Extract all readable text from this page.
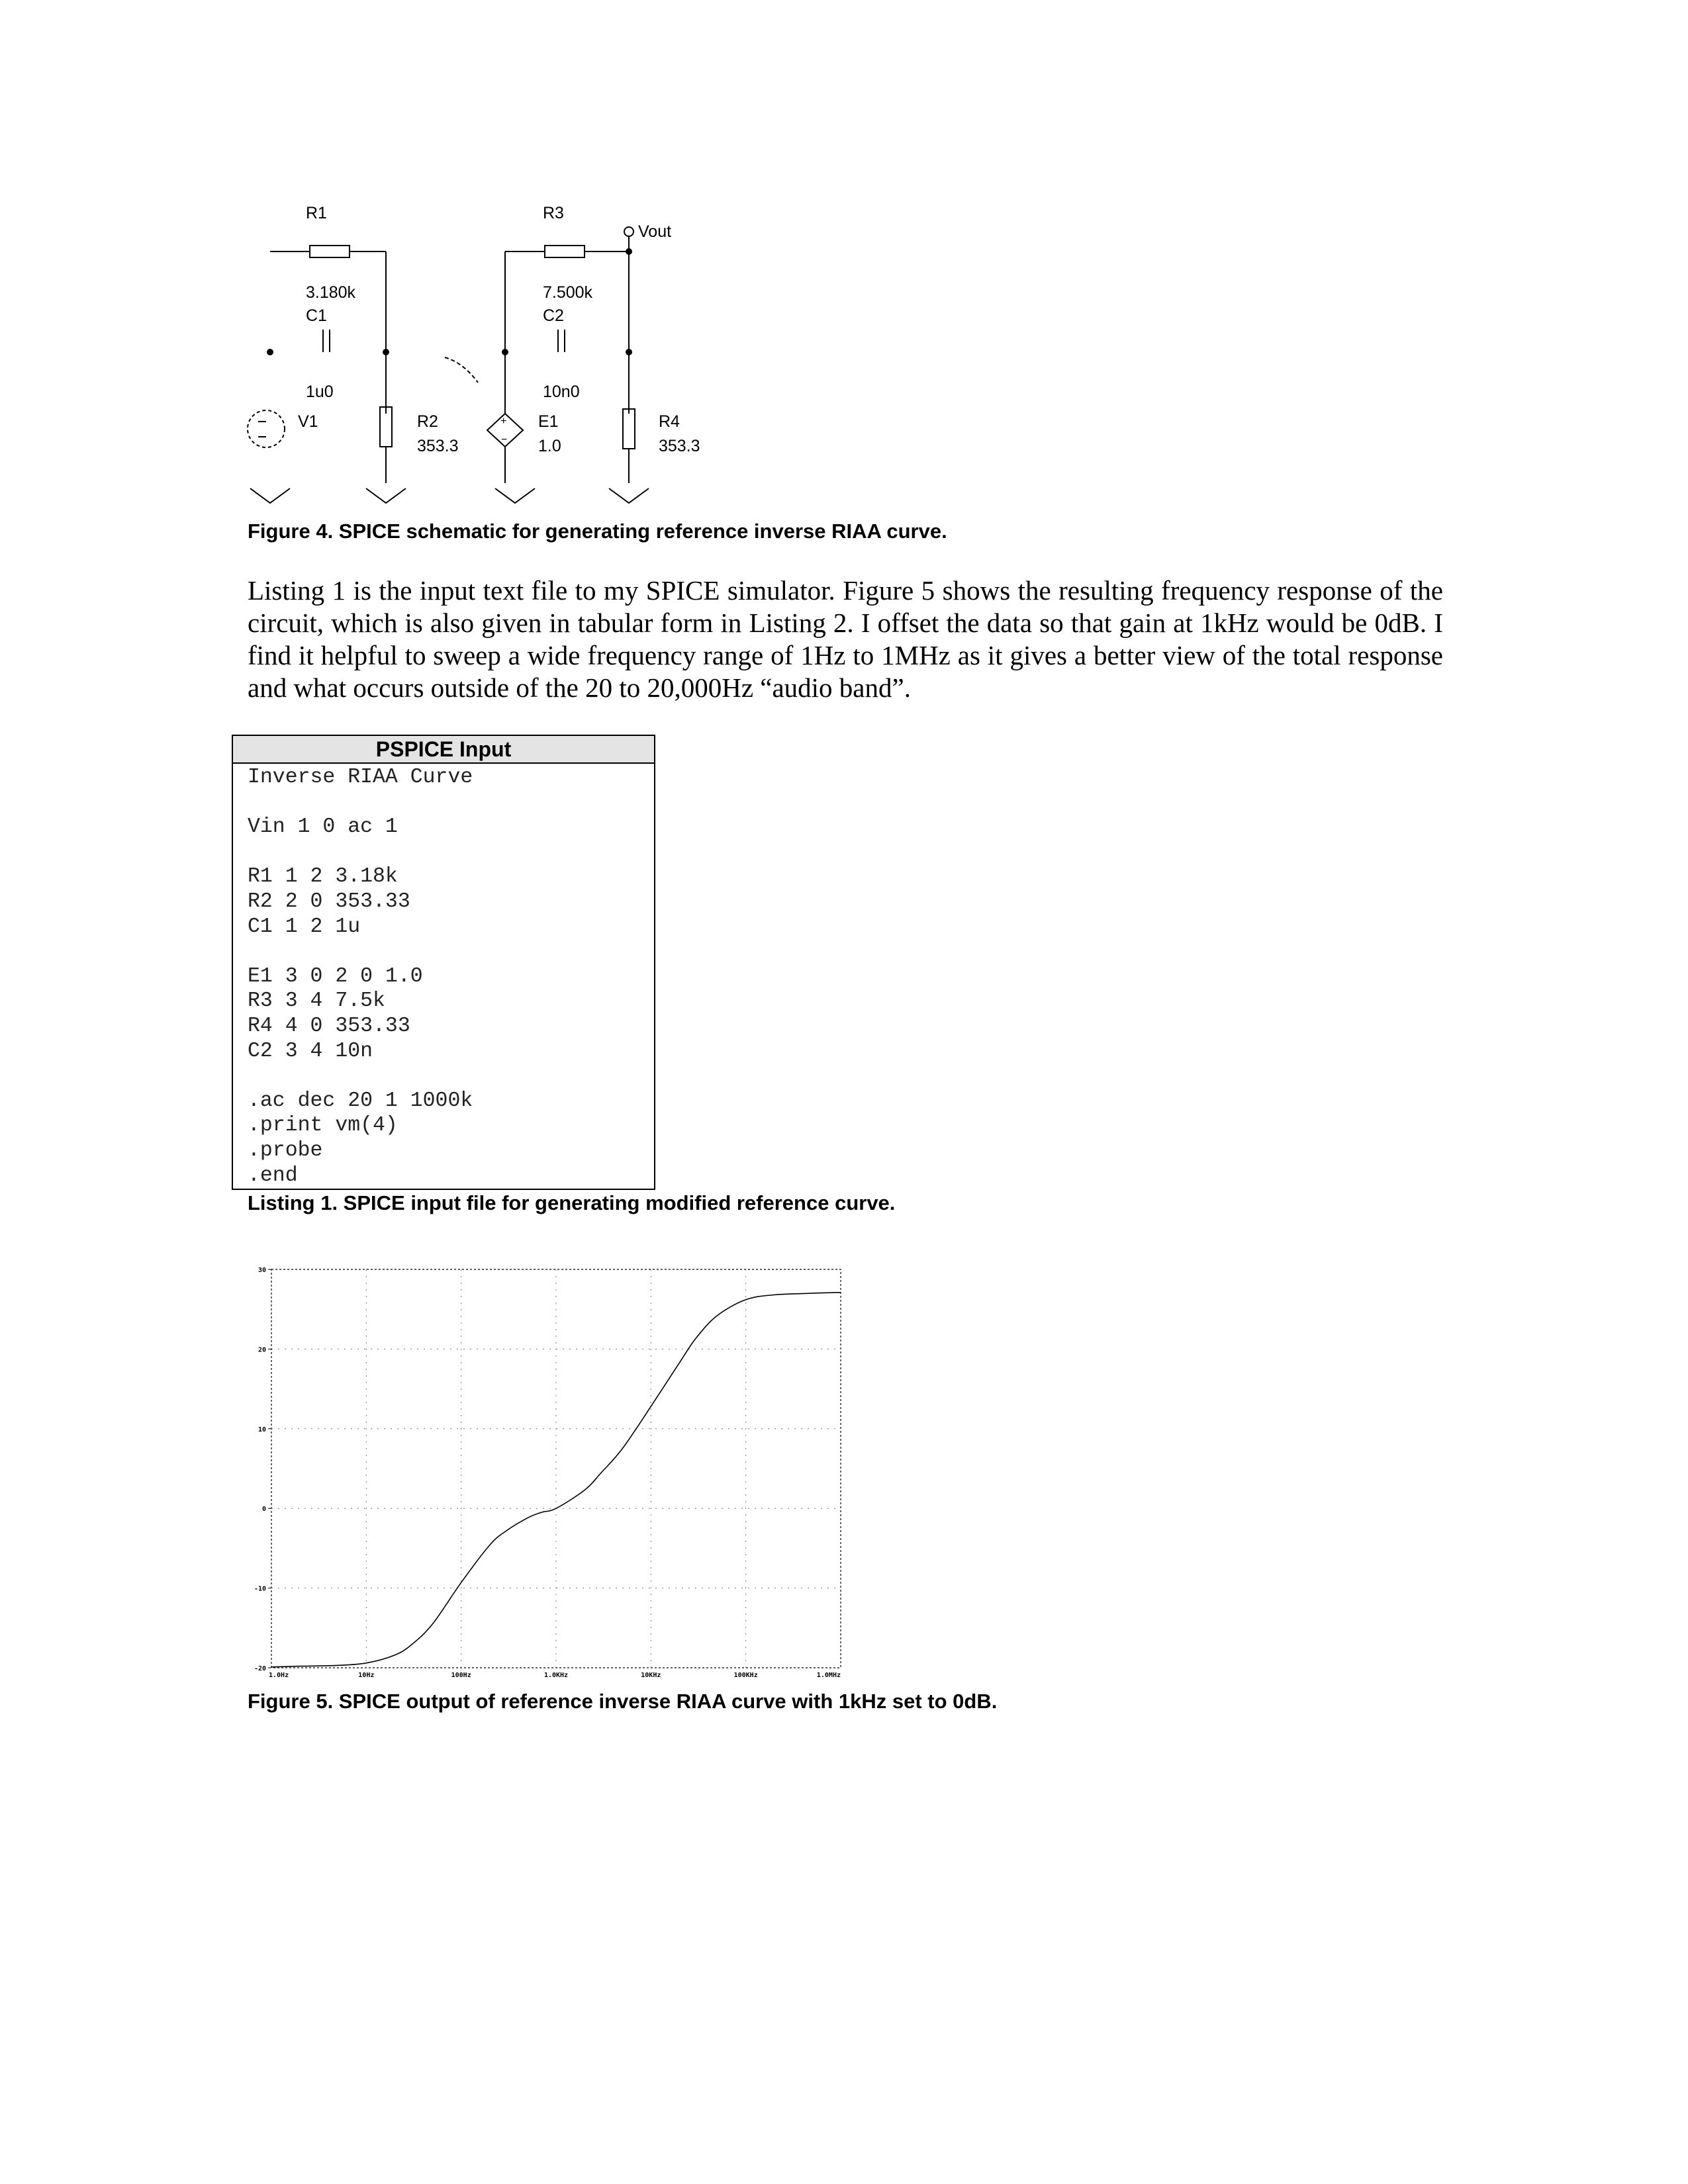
R1
3.180k
C1
1u0
V1	R2
353.3
R3
7.500k
C2
10n0
E1
1.0
R4
353.3
Vout
+
−
Figure 4. SPICE schematic for generating reference inverse RIAA curve.

Listing 1 is the input text file to my SPICE simulator. Figure 5 shows the resulting frequency response of the circuit, which is also given in tabular form in Listing 2. I offset the data so that gain at 1kHz would be 0dB. I find it helpful to sweep a wide frequency range of 1Hz to 1MHz as it gives a better view of the total response and what occurs outside of the 20 to 20,000Hz “audio band”.

PSPICE Input
Inverse RIAA Curve
Vin 1 0 ac 1
R1 1 2 3.18k
R2 2 0 353.33
C1 1 2 1u
E1 3 0 2 0 1.0
R3 3 4 7.5k
R4 4 0 353.33
C2 3 4 10n
.ac dec 20 1 1000k
.print vm(4)
.probe
.end
Listing 1. SPICE input file for generating modified reference curve.
1.0Hz	10Hz	100Hz	1.0KHz	10KHz	100KHz	1.0MHz
-20
-10
0
10
20
30
Figure 5. SPICE output of reference inverse RIAA curve with 1kHz set to 0dB.
